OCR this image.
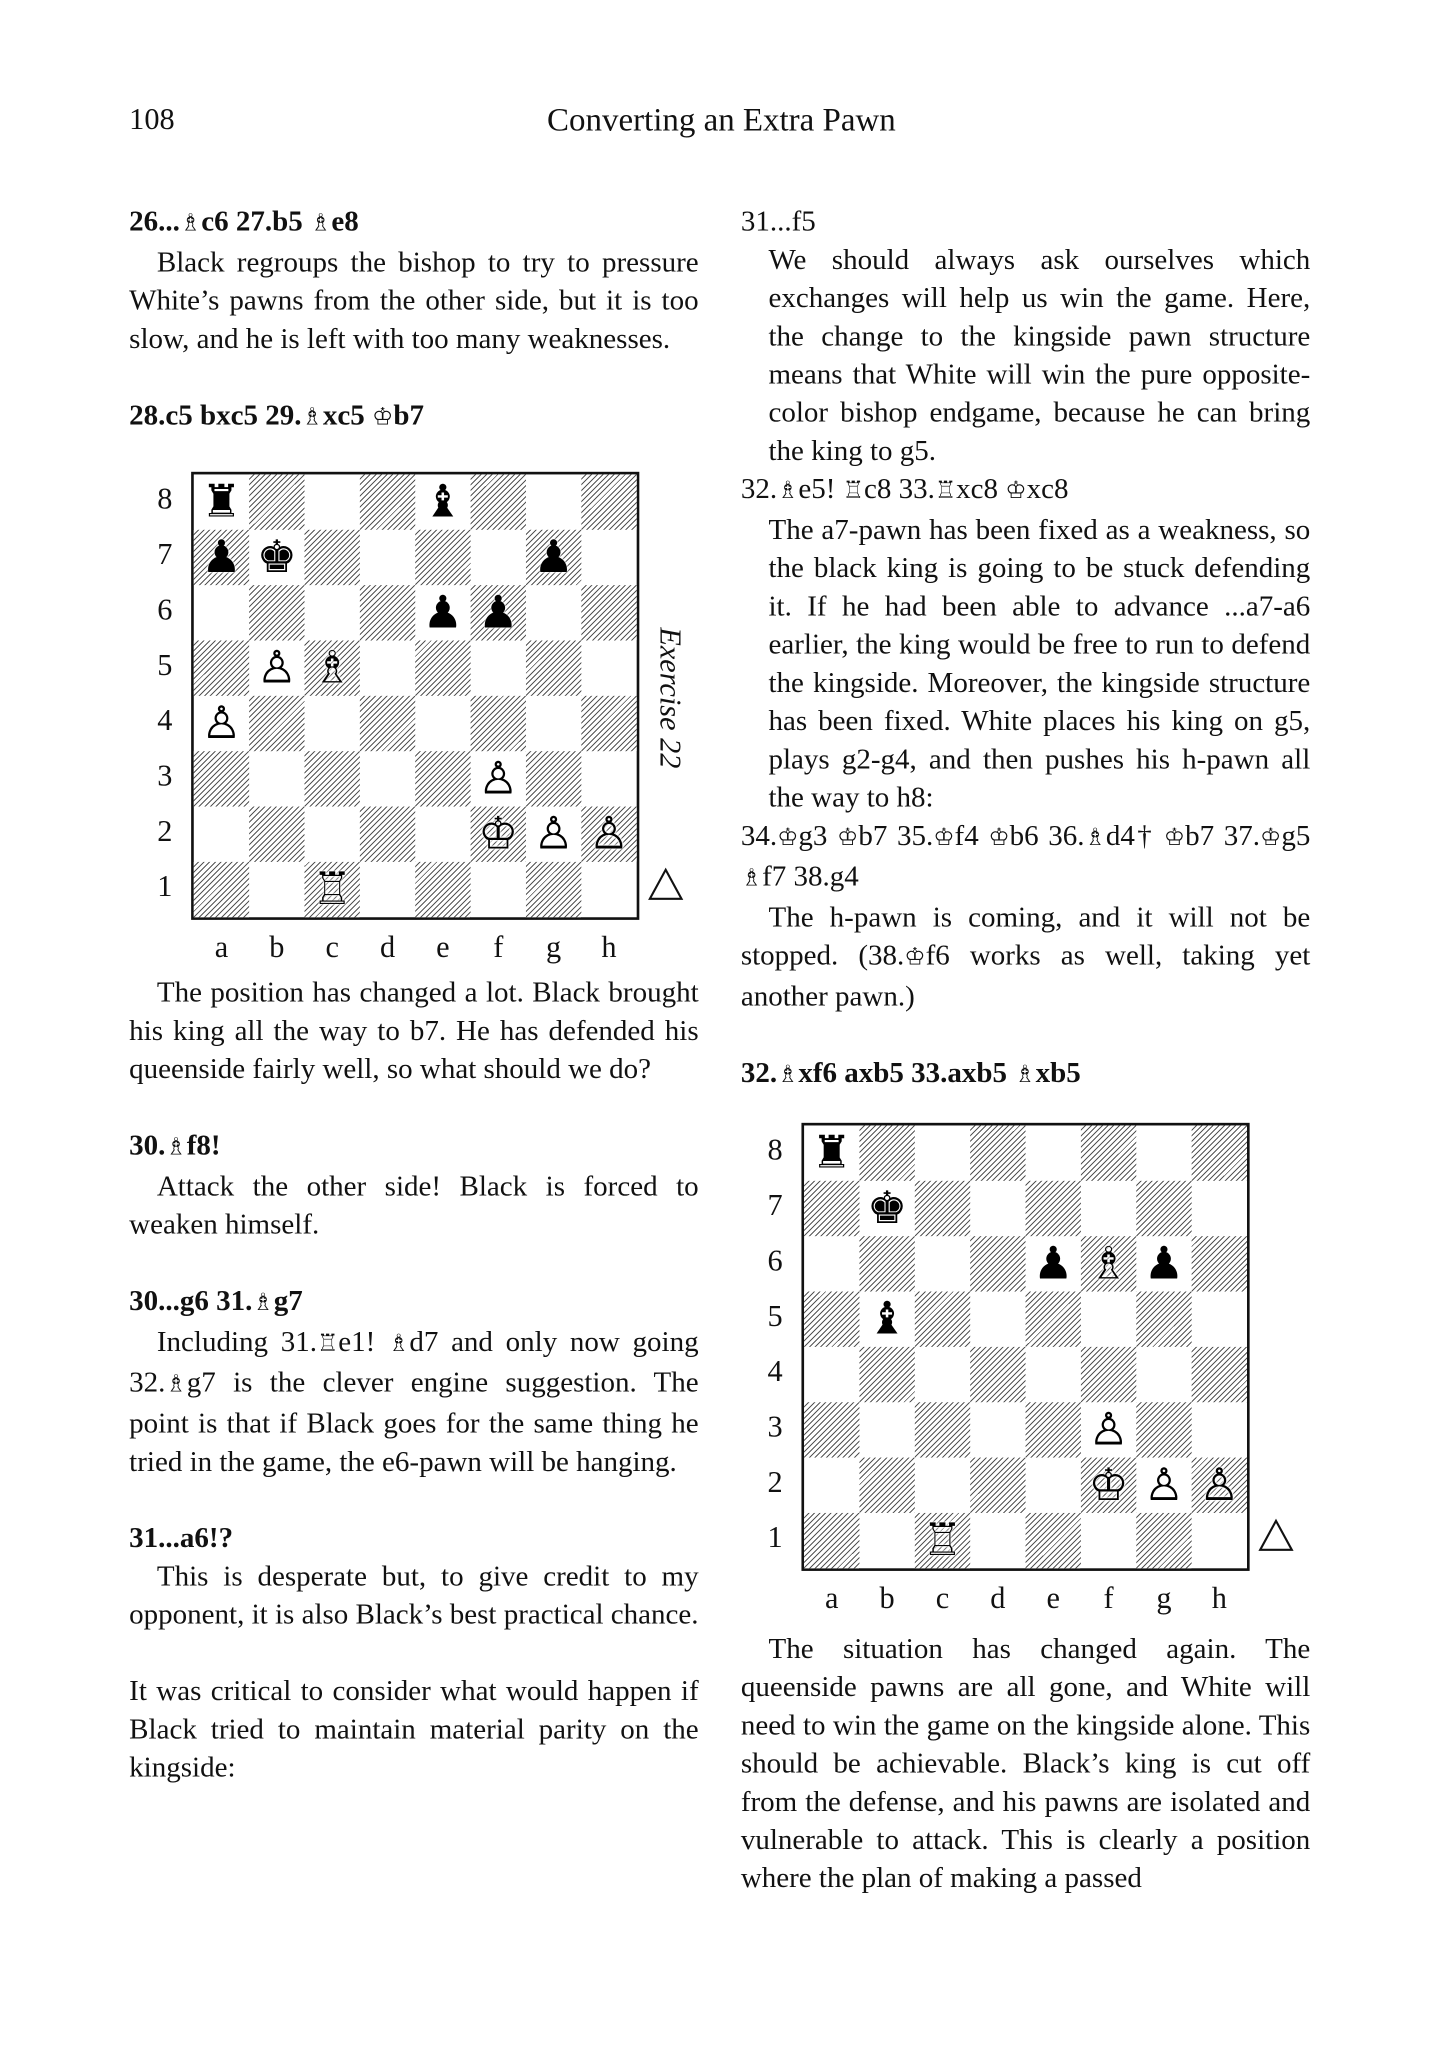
108	Converting an Extra Pawn

26...♗c6 27.b5 ♗e8

Black regroups the bishop to try to pressure White’s pawns from the other side, but it is too slow, and he is left with too many weaknesses.

28.c5 bxc5 29.♗xc5 ♔b7

The position has changed a lot. Black brought his king all the way to b7. He has defended his queenside fairly well, so what should we do?

30.♗f8!

Attack the other side! Black is forced to weaken himself.

30...g6 31.♗g7

Including 31.♖e1! ♗d7 and only now going 32.♗g7 is the clever engine suggestion. The point is that if Black goes for the same thing he tried in the game, the e6-pawn will be hanging.

31...a6!?

This is desperate but, to give credit to my opponent, it is also Black’s best practical chance.

It was critical to consider what would happen if Black tried to maintain material parity on the kingside:

31...f5

We should always ask ourselves which exchanges will help us win the game. Here, the change to the kingside pawn structure means that White will win the pure opposite-color bishop endgame, because he can bring the king to g5.

32.♗e5! ♖c8 33.♖xc8 ♔xc8

The a7-pawn has been fixed as a weakness, so the black king is going to be stuck defending it. If he had been able to advance ...a7-a6 earlier, the king would be free to run to defend the kingside. Moreover, the kingside structure has been fixed. White places his king on g5, plays g2-g4, and then pushes his h-pawn all the way to h8:

34.♔g3 ♔b7 35.♔f4 ♔b6 36.♗d4† ♔b7 37.♔g5 ♗f7 38.g4

The h-pawn is coming, and it will not be stopped. (38.♔f6 works as well, taking yet another pawn.)

32.♗xf6 axb5 33.axb5 ♗xb5

The situation has changed again. The queenside pawns are all gone, and White will need to win the game on the kingside alone. This should be achievable. Black’s king is cut off from the defense, and his pawns are isolated and vulnerable to attack. This is clearly a position where the plan of making a passed

♜	♝
♟ ♚	♟
♟ ♟
♙ ♗
♙
♙
♔ ♙ ♙
♖
8
7
6
5
4
3
2
1
a	b	c	d	e	f	g	h
Exercise 22
♜
♚
♟ ♗ ♟
♝
♙
♔ ♙ ♙
♖
8
7
6
5
4
3
2
1
a	b	c	d	e	f	g	h
